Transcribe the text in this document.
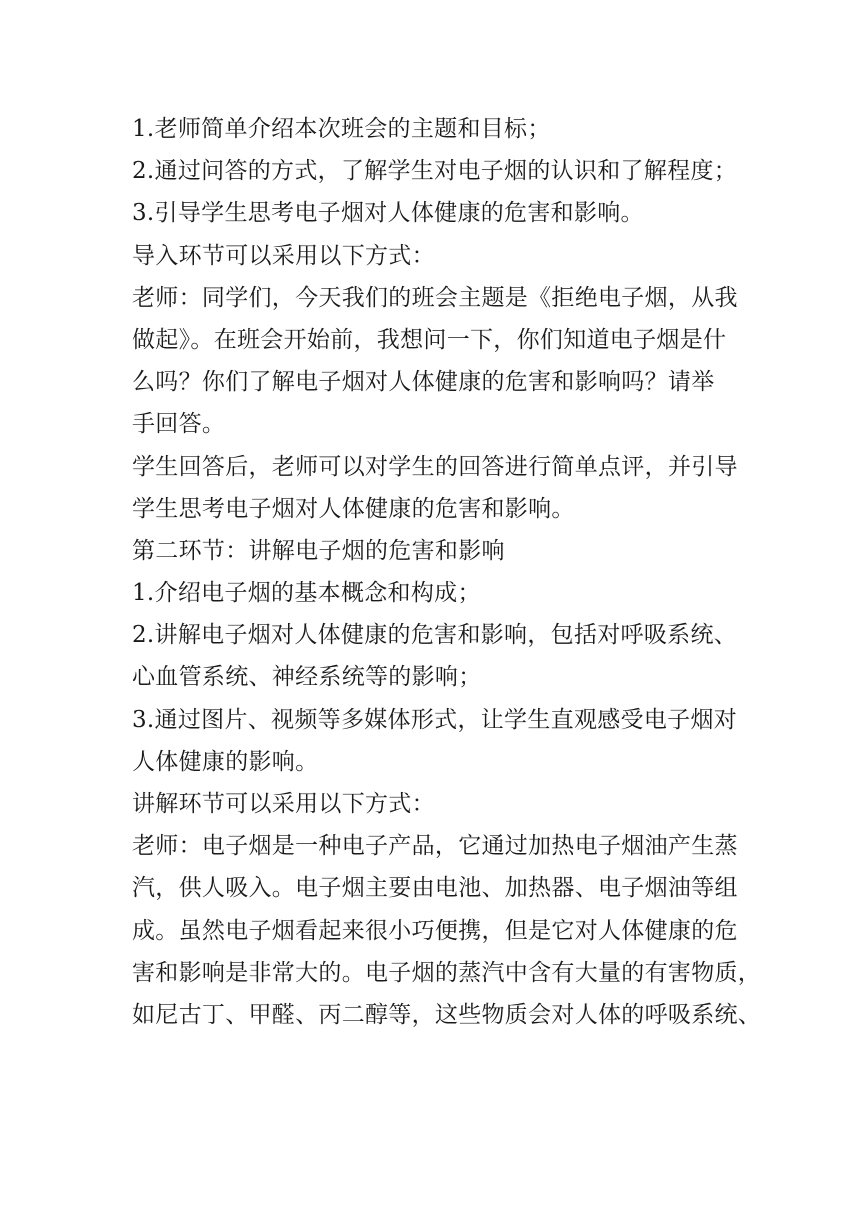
1.老师简单介绍本次班会的主题和目标；
2.通过问答的方式，了解学生对电子烟的认识和了解程度；
3.引导学生思考电子烟对人体健康的危害和影响。
导入环节可以采用以下方式：
老师：同学们，今天我们的班会主题是《拒绝电子烟，从我
做起》。在班会开始前，我想问一下，你们知道电子烟是什
么吗？你们了解电子烟对人体健康的危害和影响吗？请举
手回答。
学生回答后，老师可以对学生的回答进行简单点评，并引导
学生思考电子烟对人体健康的危害和影响。
第二环节：讲解电子烟的危害和影响
1.介绍电子烟的基本概念和构成；
2.讲解电子烟对人体健康的危害和影响，包括对呼吸系统、
心血管系统、神经系统等的影响；
3.通过图片、视频等多媒体形式，让学生直观感受电子烟对
人体健康的影响。
讲解环节可以采用以下方式：
老师：电子烟是一种电子产品，它通过加热电子烟油产生蒸
汽，供人吸入。电子烟主要由电池、加热器、电子烟油等组
成。虽然电子烟看起来很小巧便携，但是它对人体健康的危
害和影响是非常大的。电子烟的蒸汽中含有大量的有害物质，
如尼古丁、甲醛、丙二醇等，这些物质会对人体的呼吸系统、
